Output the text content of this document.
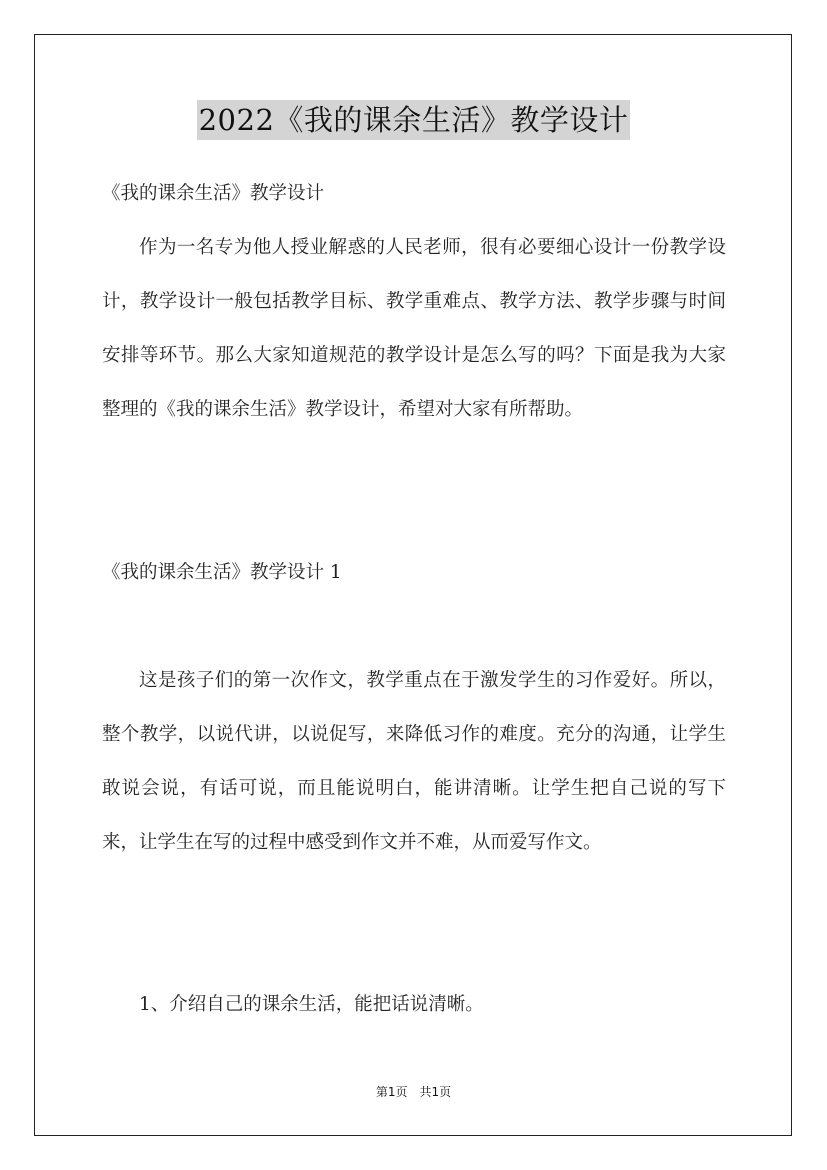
2022《我的课余生活》教学设计

《我的课余生活》教学设计

作为一名专为他人授业解惑的人民老师，很有必要细心设计一份教学设计，教学设计一般包括教学目标、教学重难点、教学方法、教学步骤与时间安排等环节。那么大家知道规范的教学设计是怎么写的吗？下面是我为大家整理的《我的课余生活》教学设计，希望对大家有所帮助。

《我的课余生活》教学设计 1

这是孩子们的第一次作文，教学重点在于激发学生的习作爱好。所以，整个教学，以说代讲，以说促写，来降低习作的难度。充分的沟通，让学生敢说会说，有话可说，而且能说明白，能讲清晰。让学生把自己说的写下来，让学生在写的过程中感受到作文并不难，从而爱写作文。

1、介绍自己的课余生活，能把话说清晰。

第1页 共1页
